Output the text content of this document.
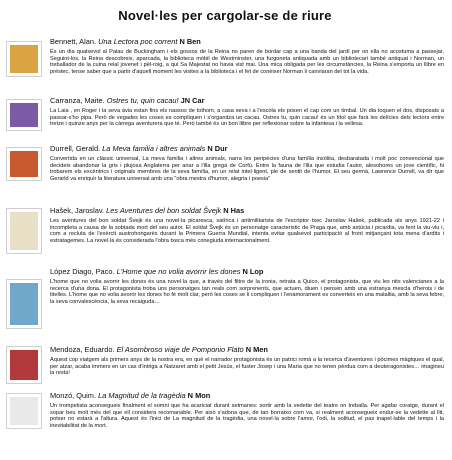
Novel·les per cargolar-se de riure
Bennett, Alan. Una Lectora poc corrent N Ben

És un dia qualsevol al Palau de Buckingham i els gossos de la Reina no paren de bordar cap a una banda del jardí per on ella no acostuma a passejar. Seguint-los, la Reina descobreix, aparcada, la biblioteca mòbil de Westminster, una furgoneta antiquada amb un bibliotecari també antiquat i Norman, un treballador de la cuina reial jovenet i pèl-roig, a qui Sa Majestat no havia vist mai. Una mica obligada per les circumstàncies, la Reina s'emporta un llibre en préstec, tense saber que a partir d'aquell moment les visites a la biblioteca i el fet de conèixer Norman li canviaran del tot la vida.

Carranza, Maite. Ostres tu, quin cacau! JN Car

La Laia , en Roger i la seva àvia estan fins els nassos de tothom, a casa seva i a l'escola els posen el cap com un timbal. Un dia toquen el dos, disposats a passar-s'ho pipa. Però de vegades les coses es compliquen i s'organitza un cacau. Ostres tu, quin cacau! és un títol que farà les delícies dels lectors entre tretze i quinze anys per la càrrega aventurera que té. Però també és un bon llibre per reflexionar sobre la infantesa i la vellesa.

Durrell, Gerald. La Meva familia i altres animals N Dur

Convertida en un clàssic universal, La meva familia i altres animals, narra les peripècies d'una família insòlita, desbaratada i molt poc convencional que decideix abandonar la gris i plujosa Anglaterra per anar a l'illa grega de Corfú. Entre la fauna de l'illa que estudia l'autor, alesohores un jove científic, hi trobarem els excèntrics i originals membres de la seva família, en un relat intel·ligent, ple de sentit de l'humor. El seu germà, Lawrence Durrell, va dir que Gerarld va enriquir la literatura universal amb una "obra mestra d'humor, alegria i poesia"

Hašek, Jaroslav. Les Aventures del bon soldat Švejk N Has

Les aventures del bon soldat Švejk és una novel·la picaresca, satírica i antimilitarista de l'escriptor txec Jaroslav Hašek, publicada als anys 1921-22 i incompleta a causa de la sobtada mort del seu autor. El soldat Švejk és un personatge caracteristic de Praga que, amb astúcia i picardia, va fent la viu-viu i, com a recluta de l'exèrcit austrohongarès durant la Primera Guerra Mundial, intenta evitar qualsevol participació al front mitjançant tota mena d'ardits i estratagemes. La novel·la és considerada l'obra txeca més conegiuda internacionalment.

López Diago, Paco. L'Home que no volia avorrir les dones N Lop

L'home que no volia avorrir les dones és una novel·la que, a través del filtre de la ironia, retrata a Quico, el protagonista, que viu les nits valencianes a la recerca d'una dona. El protagonista troba uns personatges tan reals com sorprenents, que actuen, diuen i pensen amb una estranya mescla d'herois i de titelles. L'home que no volia avorrir les dones ho fè molt clar, però les coses se li compliquen i l'enamorament es converteix en una malaltia, amb la seva febre, la seva convalescència, la seva recaiguda…

Mendoza, Eduardo. El Asombroso viaje de Pomponio Flato N Men

Aquest cop viatgem als primers anys de la nostra era, en què el narrador protagonista és un patrici romà a la recerca d'aventures i pòcimes màgiques el qual, per atzar, acaba immers en un cas d'intriga a Natzaret amb el petit Jesús, el fuster Josep i una Maria que no tenen pèrdua com a deuteragonistes… imagineu la resta!

Monzó, Quim. La Magnitud de la tragèdia N Mon

Un trompetista aconsegueix finalment el somni que ha acariciat durant setmanes: sortir amb la vedette del teatre on treballa. Per agafar coratge, durant el sopar beu molt més del que ell considera recomanable. Per això s'adona que, de tan borratxo com va, si realment aconsegueix endur-se la vedette al llit, potser no estarà a l'altura. Aquest és l'inici de La magnitud de la tragèdia, una novel·la sobre l'amor, l'odi, la solitud, el pas inapel·lable del temps i la inevitabilitat de la mort.
